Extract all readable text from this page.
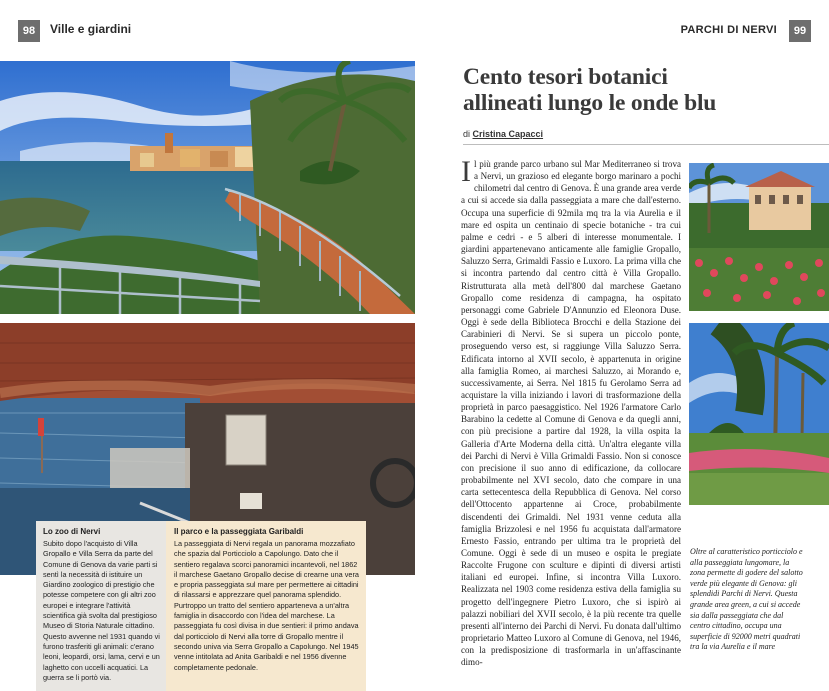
98	Ville e giardini	PARCHI DI NERVI	99
Lo zoo di Nervi
Subito dopo l'acquisto di Villa Gropallo e Villa Serra da parte del Comune di Genova da varie parti si sentì la necessità di istituire un Giardino zoologico di prestigio che potesse competere con gli altri zoo europei e integrare l'attività scientifica già svolta dal prestigioso Museo di Storia Naturale cittadino. Questo avvenne nel 1931 quando vi furono trasferiti gli animali: c'erano leoni, leopardi, orsi, lama, cervi e un laghetto con uccelli acquatici. La guerra se li portò via.
Il parco e la passeggiata Garibaldi
La passeggiata di Nervi regala un panorama mozzafiato che spazia dal Porticciolo a Capolungo. Dato che il sentiero regalava scorci panoramici incantevoli, nel 1862 il marchese Gaetano Gropallo decise di crearne una vera e propria passeggiata sul mare per permettere ai cittadini di rilassarsi e apprezzare quel panorama splendido. Purtroppo un tratto del sentiero apparteneva a un'altra famiglia in disaccordo con l'idea del marchese. La passeggiata fu così divisa in due sentieri: il primo andava dal porticciolo di Nervi alla torre di Gropallo mentre il secondo univa via Serra Gropallo a Capolungo. Nel 1945 venne intitolata ad Anita Garibaldi e nel 1956 divenne completamente pedonale.
Cento tesori botanici
allineati lungo le onde blu
di Cristina Capacci

Il più grande parco urbano sul Mar Mediterraneo si trova a Nervi, un grazioso ed elegante borgo marinaro a pochi chilometri dal centro di Genova. È una grande area verde a cui si accede sia dalla passeggiata a mare che dall'esterno. Occupa una superficie di 92mila mq tra la via Aurelia e il mare ed ospita un centinaio di specie botaniche - tra cui palme e cedri - e 5 alberi di interesse monumentale. I giardini appartenevano anticamente alle famiglie Gropallo, Saluzzo Serra, Grimaldi Fassio e Luxoro. La prima villa che si incontra partendo dal centro città è Villa Gropallo. Ristrutturata alla metà dell'800 dal marchese Gaetano Gropallo come residenza di campagna, ha ospitato personaggi come Gabriele D'Annunzio ed Eleonora Duse. Oggi è sede della Biblioteca Brocchi e della Stazione dei Carabinieri di Nervi. Se si supera un piccolo ponte, proseguendo verso est, si raggiunge Villa Saluzzo Serra. Edificata intorno al XVII secolo, è appartenuta in origine alla famiglia Romeo, ai marchesi Saluzzo, ai Morando e, successivamente, ai Serra. Nel 1815 fu Gerolamo Serra ad acquistare la villa iniziando i lavori di trasformazione della proprietà in parco paesaggistico. Nel 1926 l'armatore Carlo Barabino la cedette al Comune di Genova e da quegli anni, con più precisione a partire dal 1928, la villa ospita la Galleria d'Arte Moderna della città. Un'altra elegante villa dei Parchi di Nervi è Villa Grimaldi Fassio. Non si conosce con precisione il suo anno di edificazione, da collocare probabilmente nel XVI secolo, dato che compare in una carta settecentesca della Repubblica di Genova. Nel corso dell'Ottocento appartenne ai Croce, probabilmente discendenti dei Grimaldi. Nel 1931 venne ceduta alla famiglia Brizzolesi e nel 1956 fu acquistata dall'armatore Ernesto Fassio, entrando per ultima tra le proprietà del Comune. Oggi è sede di un museo e ospita le pregiate Raccolte Frugone con sculture e dipinti di diversi artisti italiani ed europei. Infine, si incontra Villa Luxoro. Realizzata nel 1903 come residenza estiva della famiglia su progetto dell'ingegnere Pietro Luxoro, che si ispirò ai palazzi nobiliari del XVII secolo, è la più recente tra quelle presenti all'interno dei Parchi di Nervi. Fu donata dall'ultimo proprietario Matteo Luxoro al Comune di Genova, nel 1946, con la predisposizione di trasformarla in un'affascinante dimo-

Oltre al caratteristico porticciolo e alla passeggiata lungomare, la zona permette di godere del salotto verde più elegante di Genova: gli splendidi Parchi di Nervi. Questa grande area green, a cui si accede sia dalla passeggiata che dal centro cittadino, occupa una superficie di 92000 metri quadrati tra la via Aurelia e il mare
